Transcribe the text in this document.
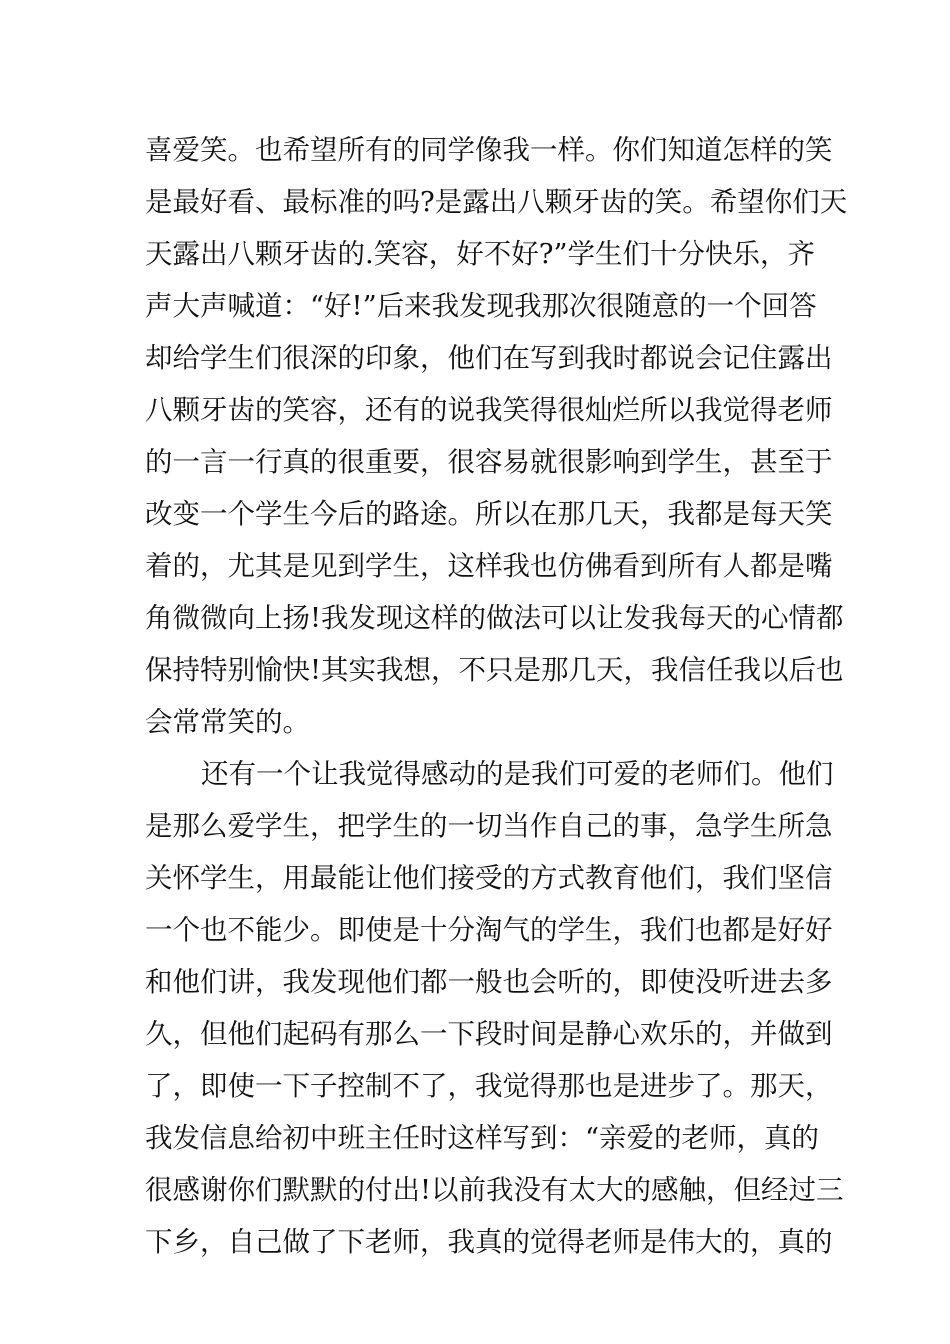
喜爱笑。也希望所有的同学像我一样。你们知道怎样的笑
是最好看、最标准的吗?是露出八颗牙齿的笑。希望你们天
天露出八颗牙齿的.笑容，好不好?”学生们十分快乐，齐
声大声喊道：“好!”后来我发现我那次很随意的一个回答
却给学生们很深的印象，他们在写到我时都说会记住露出
八颗牙齿的笑容，还有的说我笑得很灿烂所以我觉得老师
的一言一行真的很重要，很容易就很影响到学生，甚至于
改变一个学生今后的路途。所以在那几天，我都是每天笑
着的，尤其是见到学生，这样我也仿佛看到所有人都是嘴
角微微向上扬!我发现这样的做法可以让发我每天的心情都
保持特别愉快!其实我想，不只是那几天，我信任我以后也
会常常笑的。
还有一个让我觉得感动的是我们可爱的老师们。他们
是那么爱学生，把学生的一切当作自己的事，急学生所急
关怀学生，用最能让他们接受的方式教育他们，我们坚信
一个也不能少。即使是十分淘气的学生，我们也都是好好
和他们讲，我发现他们都一般也会听的，即使没听进去多
久，但他们起码有那么一下段时间是静心欢乐的，并做到
了，即使一下子控制不了，我觉得那也是进步了。那天，
我发信息给初中班主任时这样写到：“亲爱的老师，真的
很感谢你们默默的付出!以前我没有太大的感触，但经过三
下乡，自己做了下老师，我真的觉得老师是伟大的，真的
